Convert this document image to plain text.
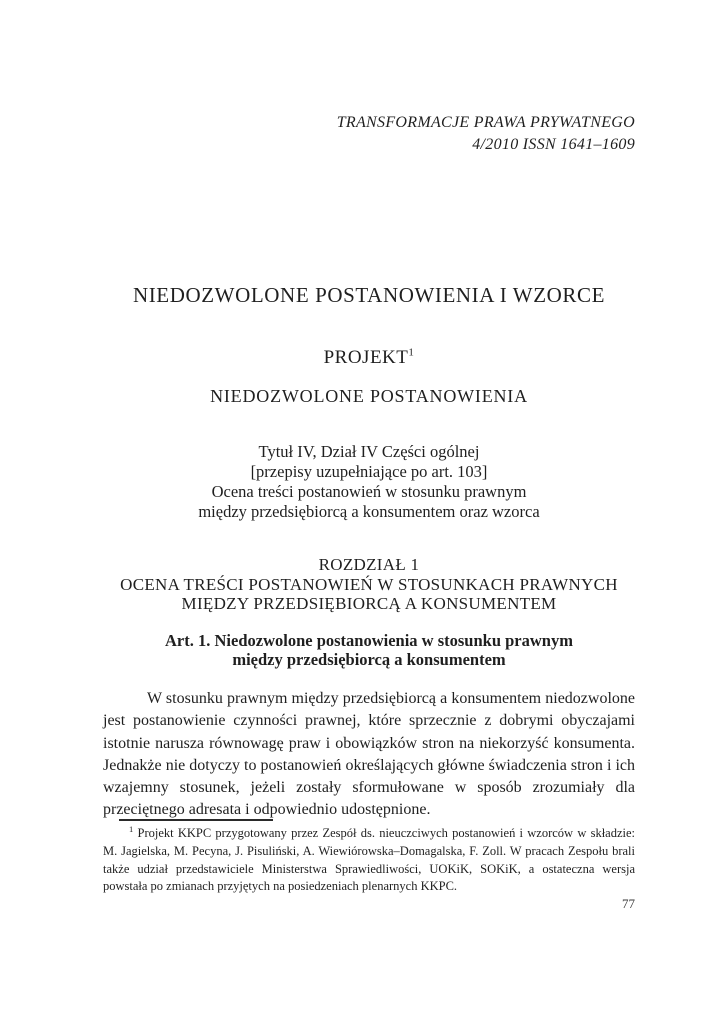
TRANSFORMACJE PRAWA PRYWATNEGO
4/2010 ISSN 1641–1609
NIEDOZWOLONE POSTANOWIENIA I WZORCE
PROJEKT$^1$
NIEDOZWOLONE POSTANOWIENIA
Tytuł IV, Dział IV Części ogólnej
[przepisy uzupełniające po art. 103]
Ocena treści postanowień w stosunku prawnym
między przedsiębiorcą a konsumentem oraz wzorca
ROZDZIAŁ 1
OCENA TREŚCI POSTANOWIEŃ W STOSUNKACH PRAWNYCH
MIĘDZY PRZEDSIĘBIORCĄ A KONSUMENTEM
Art. 1. Niedozwolone postanowienia w stosunku prawnym
między przedsiębiorcą a konsumentem

W stosunku prawnym między przedsiębiorcą a konsumentem niedozwolone jest postanowienie czynności prawnej, które sprzecznie z dobrymi obyczajami istotnie narusza równowagę praw i obowiązków stron na niekorzyść konsumenta. Jednakże nie dotyczy to postanowień określających główne świadczenia stron i ich wzajemny stosunek, jeżeli zostały sformułowane w sposób zrozumiały dla przeciętnego adresata i odpowiednio udostępnione.

$^1$ Projekt KKPC przygotowany przez Zespół ds. nieuczciwych postanowień i wzorców w składzie: M. Jagielska, M. Pecyna, J. Pisuliński, A. Wiewiórowska–Domagalska, F. Zoll. W pracach Zespołu brali także udział przedstawiciele Ministerstwa Sprawiedliwości, UOKiK, SOKiK, a ostateczna wersja powstała po zmianach przyjętych na posiedzeniach plenarnych KKPC.

77
